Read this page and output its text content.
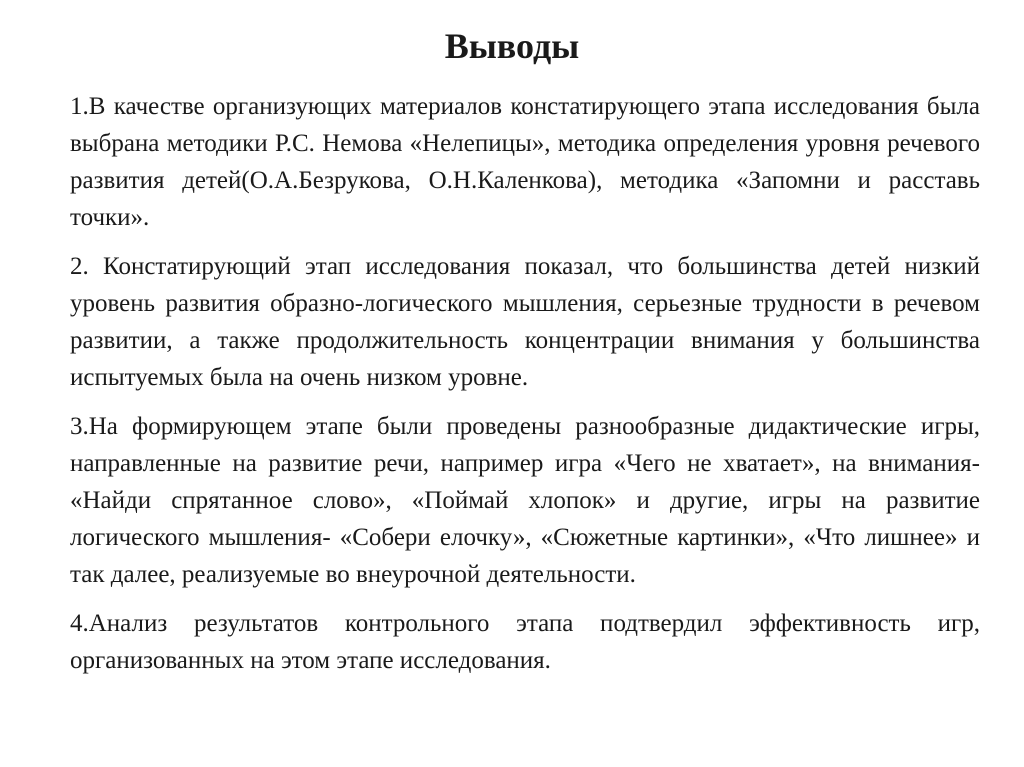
Выводы

1.В качестве организующих материалов констатирующего этапа исследования была выбрана методики Р.С. Немова «Нелепицы», методика определения уровня речевого развития детей(О.А.Безрукова, О.Н.Каленкова), методика «Запомни и расставь точки».

2. Констатирующий этап исследования показал, что большинства детей низкий уровень развития образно-логического мышления, серьезные трудности в речевом развитии, а также продолжительность концентрации внимания у большинства испытуемых была на очень низком уровне.

3.На формирующем этапе были проведены разнообразные дидактические игры, направленные на развитие речи, например игра «Чего не хватает», на внимания- «Найди спрятанное слово», «Поймай хлопок» и другие, игры на развитие логического мышления- «Собери елочку», «Сюжетные картинки», «Что лишнее» и так далее, реализуемые во внеурочной деятельности.

4.Анализ результатов контрольного этапа подтвердил эффективность игр, организованных на этом этапе исследования.
